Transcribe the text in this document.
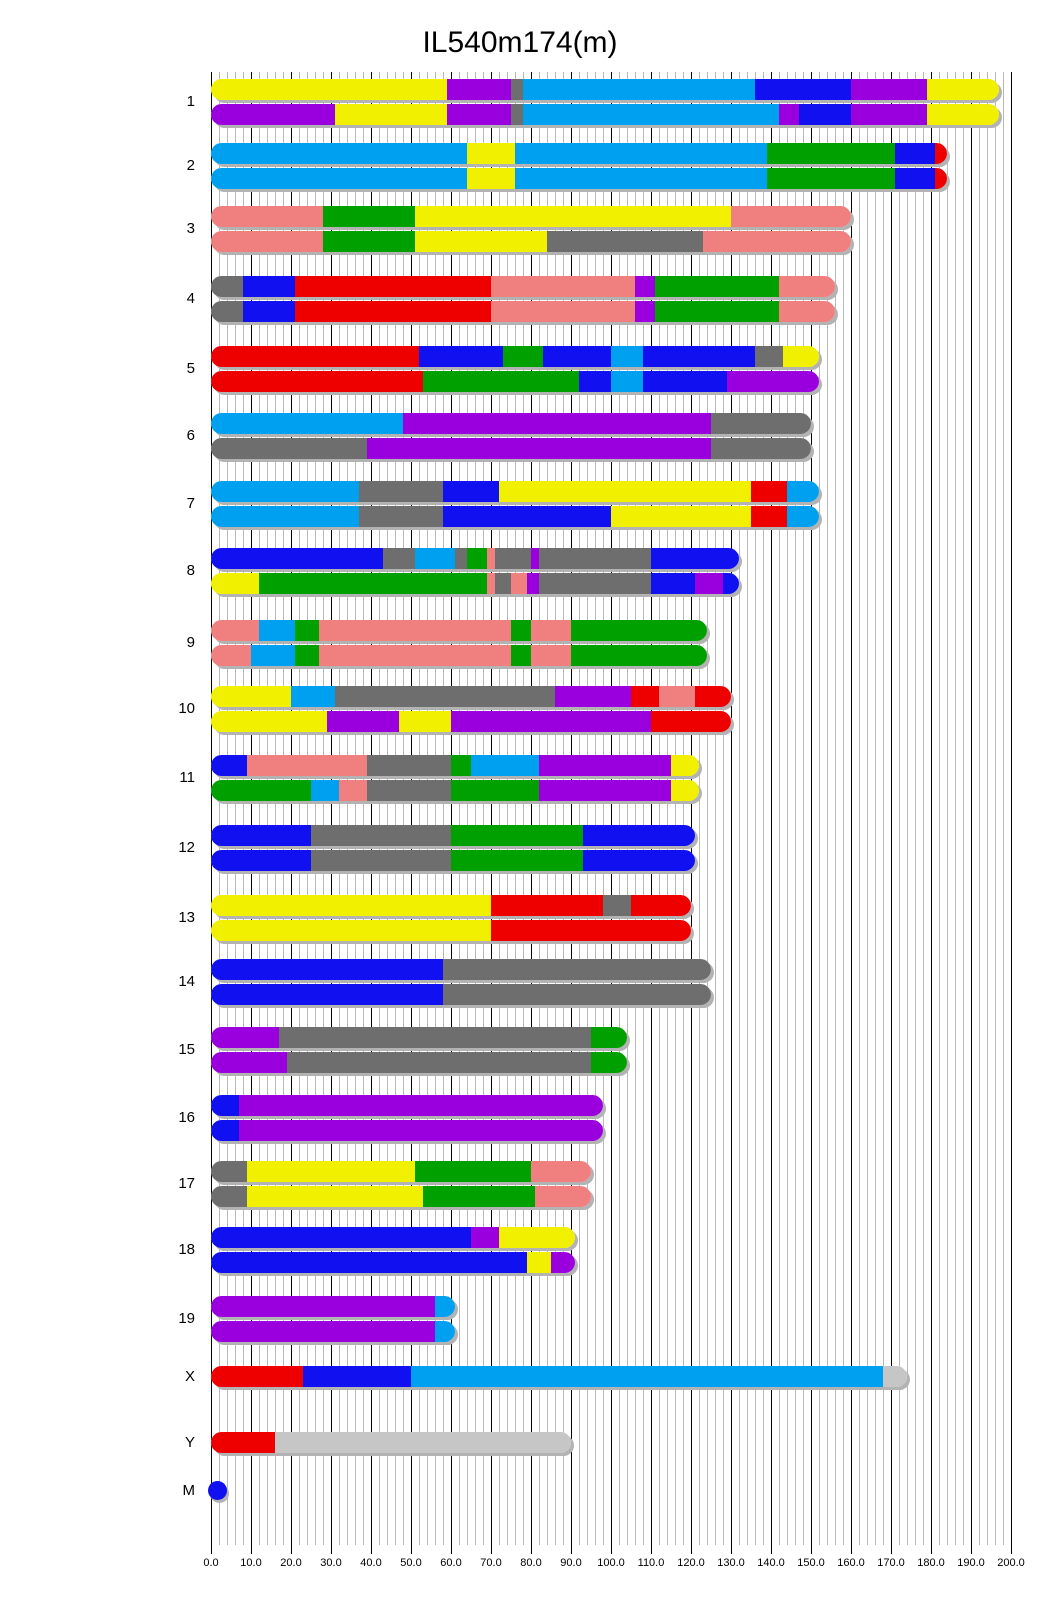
IL540m174(m)
0.0 10.0 20.0 30.0 40.0 50.0 60.0 70.0 80.0 90.0 100.0 110.0 120.0 130.0 140.0 150.0 160.0 170.0 180.0 190.0 200.0
1
2
3
4
5
6
7
8
9
10
11
12
13
14
15
16
17
18
19
X
Y
M
